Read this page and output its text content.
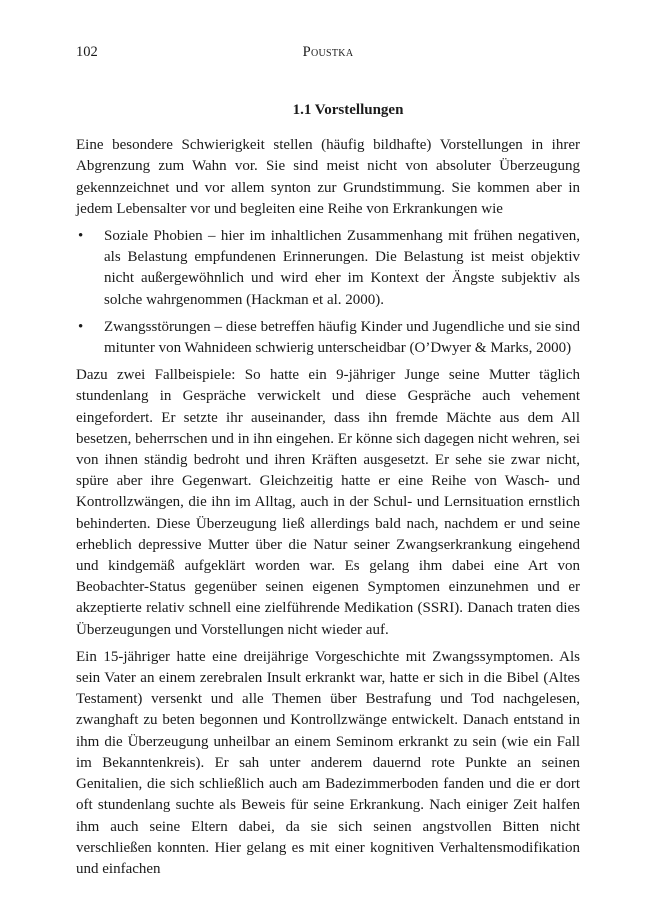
102	Poustka
1.1 Vorstellungen

Eine besondere Schwierigkeit stellen (häufig bildhafte) Vorstellungen in ihrer Abgrenzung zum Wahn vor. Sie sind meist nicht von absoluter Überzeugung gekennzeichnet und vor allem synton zur Grundstimmung. Sie kommen aber in jedem Lebensalter vor und begleiten eine Reihe von Erkrankungen wie

• Soziale Phobien – hier im inhaltlichen Zusammenhang mit frühen negativen, als Belastung empfundenen Erinnerungen. Die Belastung ist meist objektiv nicht außergewöhnlich und wird eher im Kontext der Ängste subjektiv als solche wahrgenommen (Hackman et al. 2000).
• Zwangsstörungen – diese betreffen häufig Kinder und Jugendliche und sie sind mitunter von Wahnideen schwierig unterscheidbar (O’Dwyer & Marks, 2000)

Dazu zwei Fallbeispiele: So hatte ein 9-jähriger Junge seine Mutter täglich stundenlang in Gespräche verwickelt und diese Gespräche auch vehement eingefordert. Er setzte ihr auseinander, dass ihn fremde Mächte aus dem All besetzen, beherrschen und in ihn eingehen. Er könne sich dagegen nicht wehren, sei von ihnen ständig bedroht und ihren Kräften ausgesetzt. Er sehe sie zwar nicht, spüre aber ihre Gegenwart. Gleichzeitig hatte er eine Reihe von Wasch- und Kontrollzwängen, die ihn im Alltag, auch in der Schul- und Lernsituation ernstlich behinderten. Diese Überzeugung ließ allerdings bald nach, nachdem er und seine erheblich depressive Mutter über die Natur seiner Zwangserkrankung eingehend und kindgemäß aufgeklärt worden war. Es gelang ihm dabei eine Art von Beobachter-Status gegenüber seinen eigenen Symptomen einzunehmen und er akzeptierte relativ schnell eine zielführende Medikation (SSRI). Danach traten dies Überzeugungen und Vorstellungen nicht wieder auf.

Ein 15-jähriger hatte eine dreijährige Vorgeschichte mit Zwangssymptomen. Als sein Vater an einem zerebralen Insult erkrankt war, hatte er sich in die Bibel (Altes Testament) versenkt und alle Themen über Bestrafung und Tod nachgelesen, zwanghaft zu beten begonnen und Kontrollzwänge entwickelt. Danach entstand in ihm die Überzeugung unheilbar an einem Seminom erkrankt zu sein (wie ein Fall im Bekanntenkreis). Er sah unter anderem dauernd rote Punkte an seinen Genitalien, die sich schließlich auch am Badezimmerboden fanden und die er dort oft stundenlang suchte als Beweis für seine Erkrankung. Nach einiger Zeit halfen ihm auch seine Eltern dabei, da sie sich seinen angstvollen Bitten nicht verschließen konnten. Hier gelang es mit einer kognitiven Verhaltensmodifikation und einfachen
